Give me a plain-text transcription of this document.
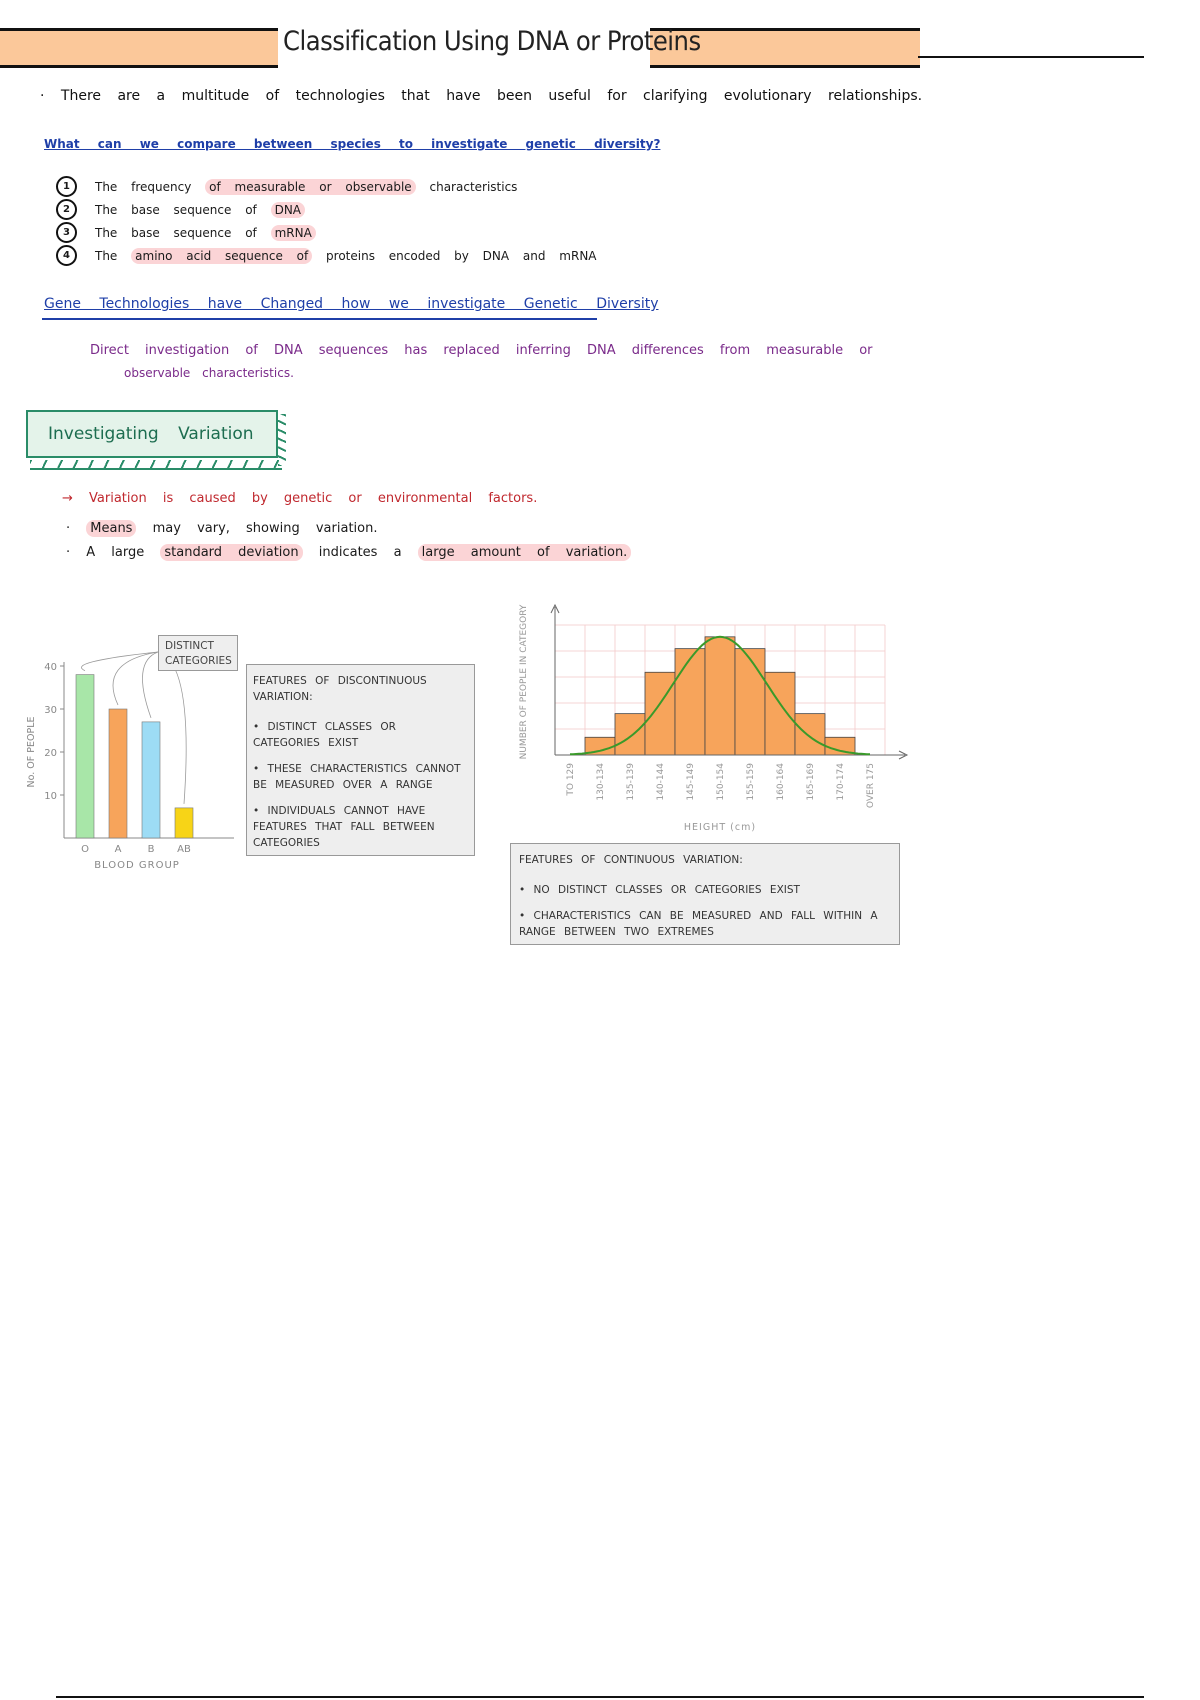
Classification Using DNA or Proteins
· There are a multitude of technologies that have been useful for clarifying evolutionary relationships.
What can we compare between species to investigate genetic diversity?
1	The frequency
	of measurable or observable
	characteristics
2	The base sequence of
	DNA
3	The base sequence of
	mRNA
4	The
	amino acid sequence of
	proteins encoded by DNA and mRNA
Gene Technologies have Changed how we investigate Genetic Diversity
Direct investigation of DNA sequences has replaced inferring DNA differences from measurable or
observable characteristics.
Investigating Variation
→ Variation is caused by genetic or environmental factors.
· Means may vary, showing variation.
· A large standard deviation indicates a large amount of variation.
10
20
30
40
O	A	B AB
BLOOD GROUP
No. OF PEOPLE
DISTINCT
CATEGORIES

FEATURES OF DISCONTINUOUS VARIATION:

• DISTINCT CLASSES OR CATEGORIES EXIST

• THESE CHARACTERISTICS CANNOT BE MEASURED OVER A RANGE

• INDIVIDUALS CANNOT HAVE FEATURES THAT FALL BETWEEN CATEGORIES

TO 129 130-134 135-139 140-144 145-149 150-154 155-159 160-164 165-169 170-174 OVER 175
HEIGHT (cm)
NUMBER OF PEOPLE IN CATEGORY

FEATURES OF CONTINUOUS VARIATION:

• NO DISTINCT CLASSES OR CATEGORIES EXIST

• CHARACTERISTICS CAN BE MEASURED AND FALL WITHIN A RANGE BETWEEN TWO EXTREMES
